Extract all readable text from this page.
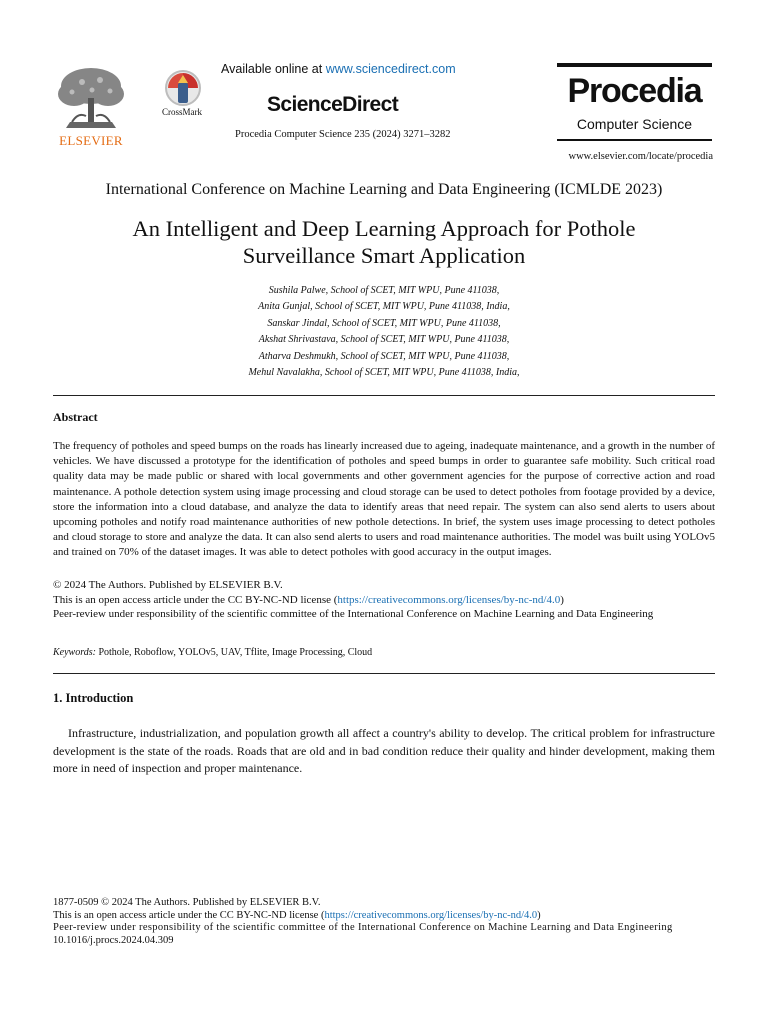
ELSEVIER
CrossMark
Available online at www.sciencedirect.com
ScienceDirect
Procedia Computer Science 235 (2024) 3271–3282
Procedia
Computer Science
www.elsevier.com/locate/procedia
International Conference on Machine Learning and Data Engineering (ICMLDE 2023)
An Intelligent and Deep Learning Approach for Pothole
Surveillance Smart Application
Sushila Palwe, School of SCET, MIT WPU, Pune 411038,
Anita Gunjal, School of SCET, MIT WPU, Pune 411038, India,
Sanskar Jindal, School of SCET, MIT WPU, Pune 411038,
Akshat Shrivastava, School of SCET, MIT WPU, Pune 411038,
Atharva Deshmukh, School of SCET, MIT WPU, Pune 411038,
Mehul Navalakha, School of SCET, MIT WPU, Pune 411038, India,
Abstract
The frequency of potholes and speed bumps on the roads has linearly increased due to ageing, inadequate maintenance, and a growth in the number of vehicles. We have discussed a prototype for the identification of potholes and speed bumps in order to guarantee safe mobility. Such critical road quality data may be made public or shared with local governments and other government agencies for the purpose of corrective action and road maintenance. A pothole detection system using image processing and cloud storage can be used to detect potholes from footage provided by a device, store the information into a cloud database, and analyze the data to identify areas that need repair. The system can also send alerts to users about upcoming potholes and notify road maintenance authorities of new pothole detections. In brief, the system uses image processing to detect potholes and cloud storage to store and analyze the data. It can also send alerts to users and road maintenance authorities. The model was built using YOLOv5 and trained on 70% of the dataset images. It was able to detect potholes with good accuracy in the output images.
© 2024 The Authors. Published by ELSEVIER B.V.
This is an open access article under the CC BY-NC-ND license (https://creativecommons.org/licenses/by-nc-nd/4.0)
Peer-review under responsibility of the scientific committee of the International Conference on Machine Learning and Data Engineering
Keywords: Pothole, Roboflow, YOLOv5, UAV, Tflite, Image Processing, Cloud
1. Introduction
Infrastructure, industrialization, and population growth all affect a country's ability to develop. The critical problem for infrastructure development is the state of the roads. Roads that are old and in bad condition reduce their quality and hinder development, making them more in need of inspection and proper maintenance.
1877-0509 © 2024 The Authors. Published by ELSEVIER B.V.
This is an open access article under the CC BY-NC-ND license (https://creativecommons.org/licenses/by-nc-nd/4.0)
Peer-review under responsibility of the scientific committee of the International Conference on Machine Learning and Data Engineering
10.1016/j.procs.2024.04.309
